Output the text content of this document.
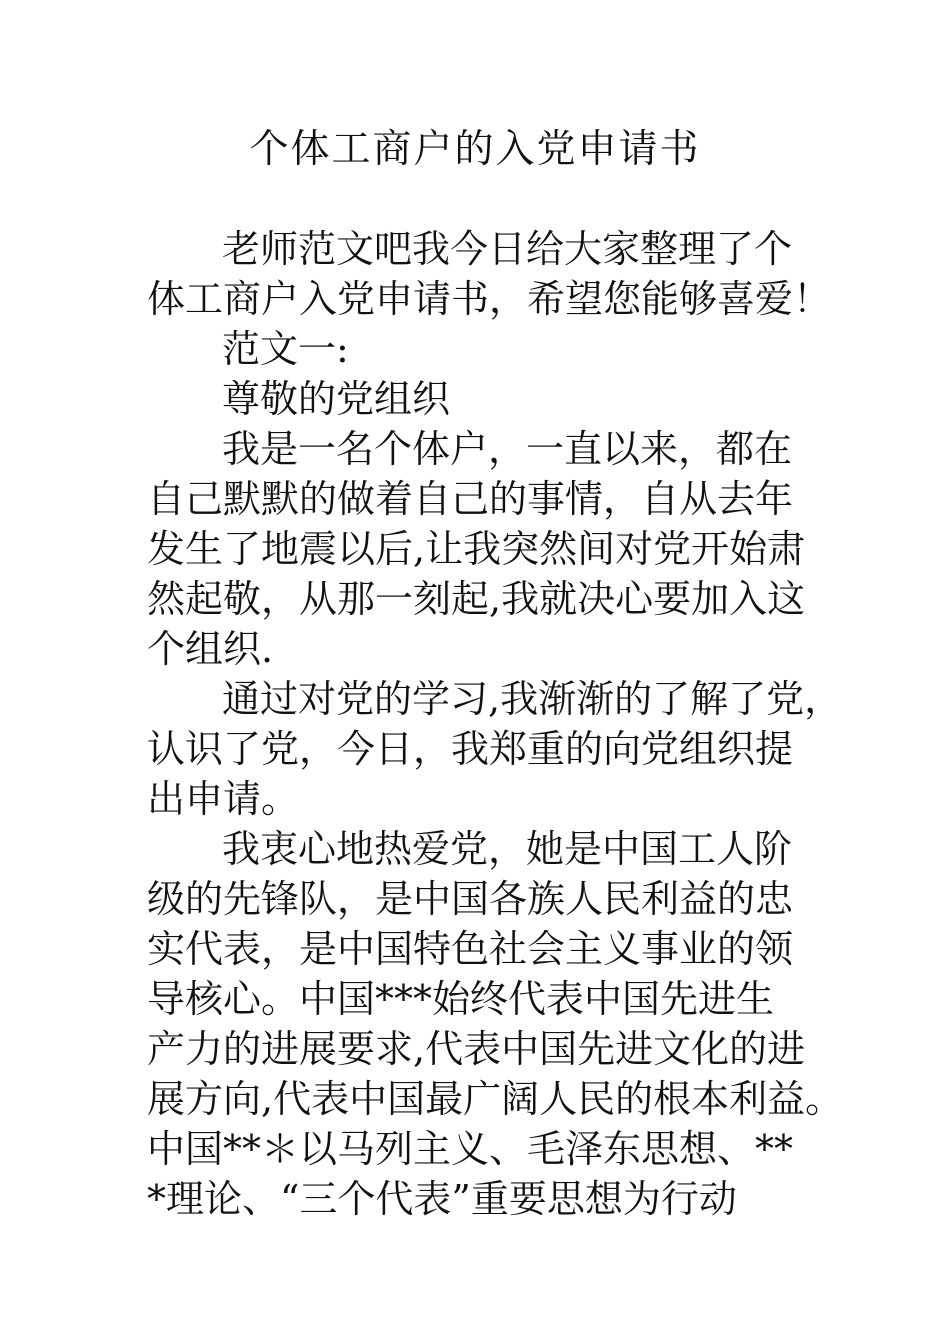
个体工商户的入党申请书

老师范文吧我今日给大家整理了个

体工商户入党申请书，希望您能够喜爱！

范文一:

尊敬的党组织

我是一名个体户，一直以来，都在

自己默默的做着自己的事情，自从去年

发生了地震以后,让我突然间对党开始肃

然起敬，从那一刻起,我就决心要加入这

个组织.

通过对党的学习,我渐渐的了解了党，

认识了党，今日，我郑重的向党组织提

出申请。

我衷心地热爱党，她是中国工人阶

级的先锋队，是中国各族人民利益的忠

实代表，是中国特色社会主义事业的领

导核心。中国***始终代表中国先进生

产力的进展要求,代表中国先进文化的进

展方向,代表中国最广阔人民的根本利益。

中国**＊以马列主义、毛泽东思想、**

*理论、“三个代表”重要思想为行动
